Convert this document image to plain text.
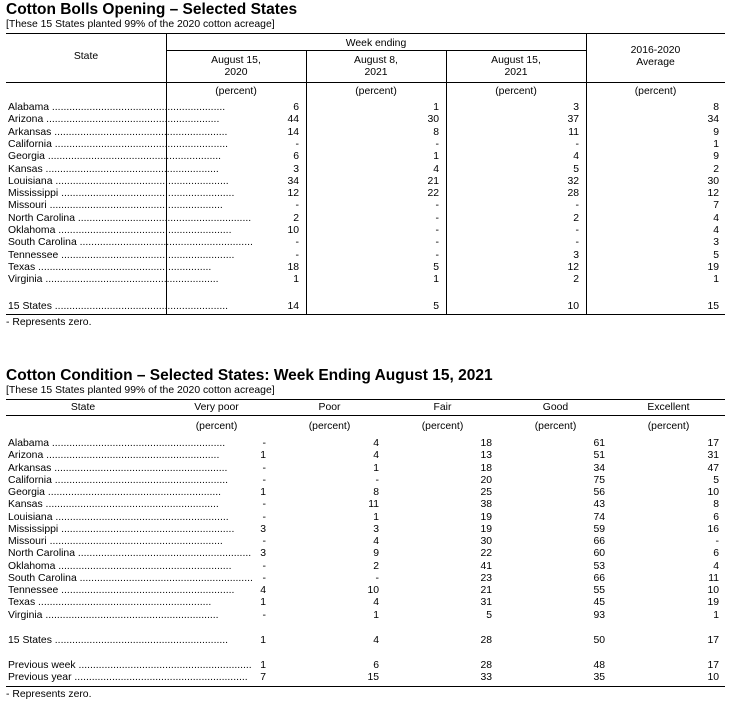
Cotton Bolls Opening – Selected States
[These 15 States planted 99% of the 2020 cotton acreage]
State
Week ending
August 15,
2020
August 8,
2021
August 15,
2021
2016-2020
Average
(percent)	(percent)	(percent)	(percent)
Alabama ............................................................	6	1	3	8
Arizona ............................................................	44	30	37	34
Arkansas ............................................................	14	8	11	9
California ............................................................	-	-	-	1
Georgia ............................................................	6	1	4	9
Kansas ............................................................	3	4	5	2
Louisiana ............................................................	34	21	32	30
Mississippi ............................................................	12	22	28	12
Missouri ............................................................	-	-	-	7
North Carolina ............................................................	2	-	2	4
Oklahoma ............................................................	10	-	-	4
South Carolina ............................................................	-	-	-	3
Tennessee ............................................................	-	-	3	5
Texas ............................................................	18	5	12	19
Virginia ............................................................	1	1	2	1
15 States ............................................................	14	5	10	15
- Represents zero.
Cotton Condition – Selected States: Week Ending August 15, 2021
[These 15 States planted 99% of the 2020 cotton acreage]
State	Very poor
(percent)
Poor
(percent)
Fair
(percent)
Good
(percent)
Excellent
(percent)
Alabama ............................................................	-	4	18	61	17
Arizona ............................................................	1	4	13	51	31
Arkansas ............................................................	-	1	18	34	47
California ............................................................	-	-	20	75	5
Georgia ............................................................	1	8	25	56	10
Kansas ............................................................	-	11	38	43	8
Louisiana ............................................................	-	1	19	74	6
Mississippi ............................................................	3	3	19	59	16
Missouri ............................................................	-	4	30	66	-
North Carolina ............................................................ 3	9	22	60	6
Oklahoma ............................................................	-	2	41	53	4
South Carolina ............................................................ -	-	23	66	11
Tennessee ............................................................	4	10	21	55	10
Texas ............................................................	1	4	31	45	19
Virginia ............................................................	-	1	5	93	1
15 States ............................................................	1	4	28	50	17
Previous week ............................................................ 1	6	28	48	17
Previous year ............................................................	7	15	33	35	10
- Represents zero.
